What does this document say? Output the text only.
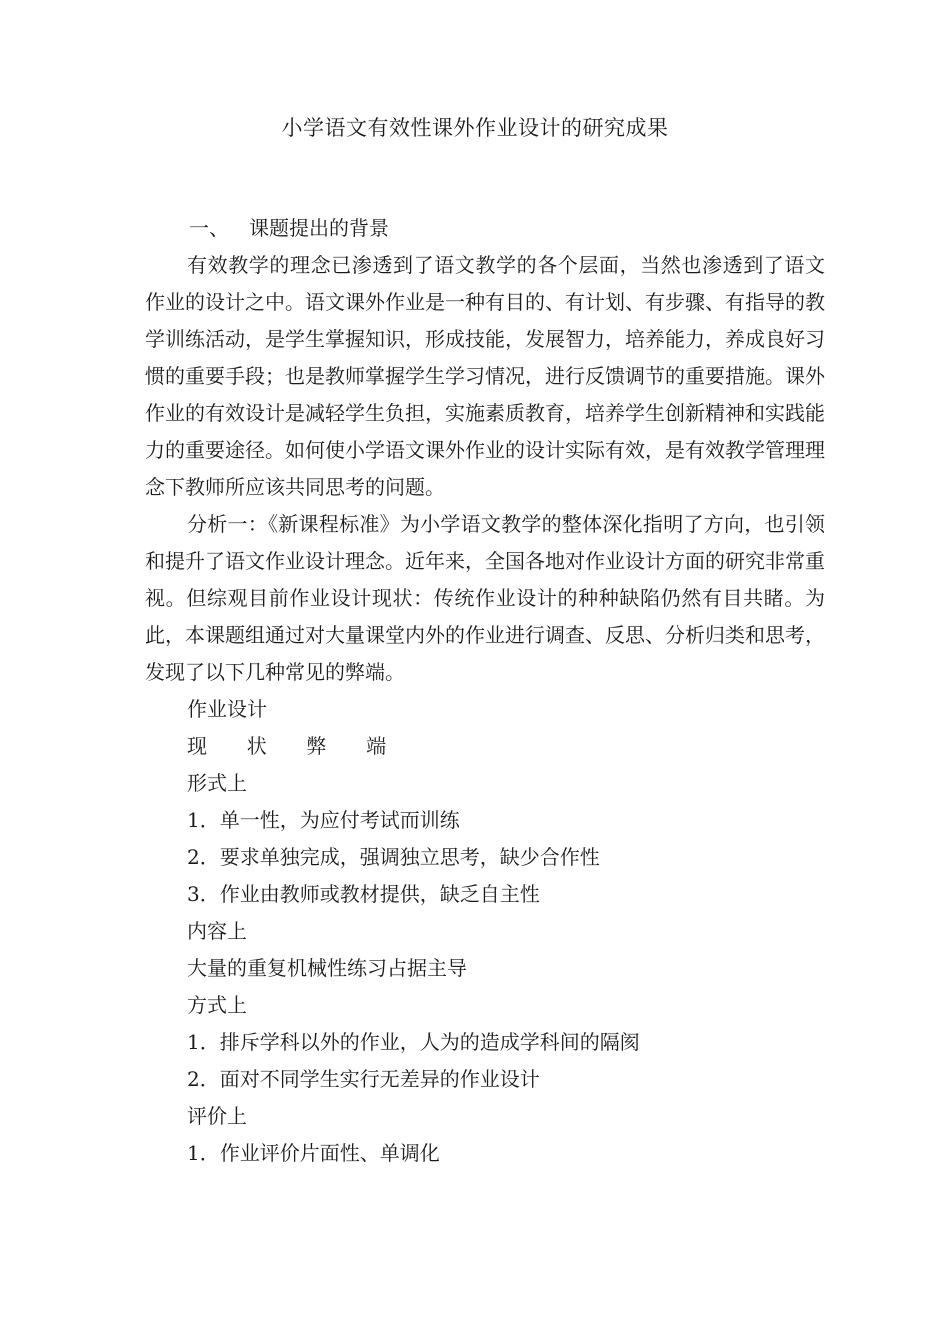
小学语文有效性课外作业设计的研究成果

一、 课题提出的背景

有效教学的理念已渗透到了语文教学的各个层面，当然也渗透到了语文作业的设计之中。语文课外作业是一种有目的、有计划、有步骤、有指导的教学训练活动，是学生掌握知识，形成技能，发展智力，培养能力，养成良好习惯的重要手段；也是教师掌握学生学习情况，进行反馈调节的重要措施。课外作业的有效设计是减轻学生负担，实施素质教育，培养学生创新精神和实践能力的重要途径。如何使小学语文课外作业的设计实际有效，是有效教学管理理念下教师所应该共同思考的问题。

分析一：《新课程标准》为小学语文教学的整体深化指明了方向，也引领和提升了语文作业设计理念。近年来，全国各地对作业设计方面的研究非常重视。但综观目前作业设计现状：传统作业设计的种种缺陷仍然有目共睹。为此，本课题组通过对大量课堂内外的作业进行调查、反思、分析归类和思考，发现了以下几种常见的弊端。

作业设计

现  状  弊  端

形式上

1．单一性，为应付考试而训练

2．要求单独完成，强调独立思考，缺少合作性

3．作业由教师或教材提供，缺乏自主性

内容上

大量的重复机械性练习占据主导

方式上

1．排斥学科以外的作业，人为的造成学科间的隔阂

2．面对不同学生实行无差异的作业设计

评价上

1．作业评价片面性、单调化
